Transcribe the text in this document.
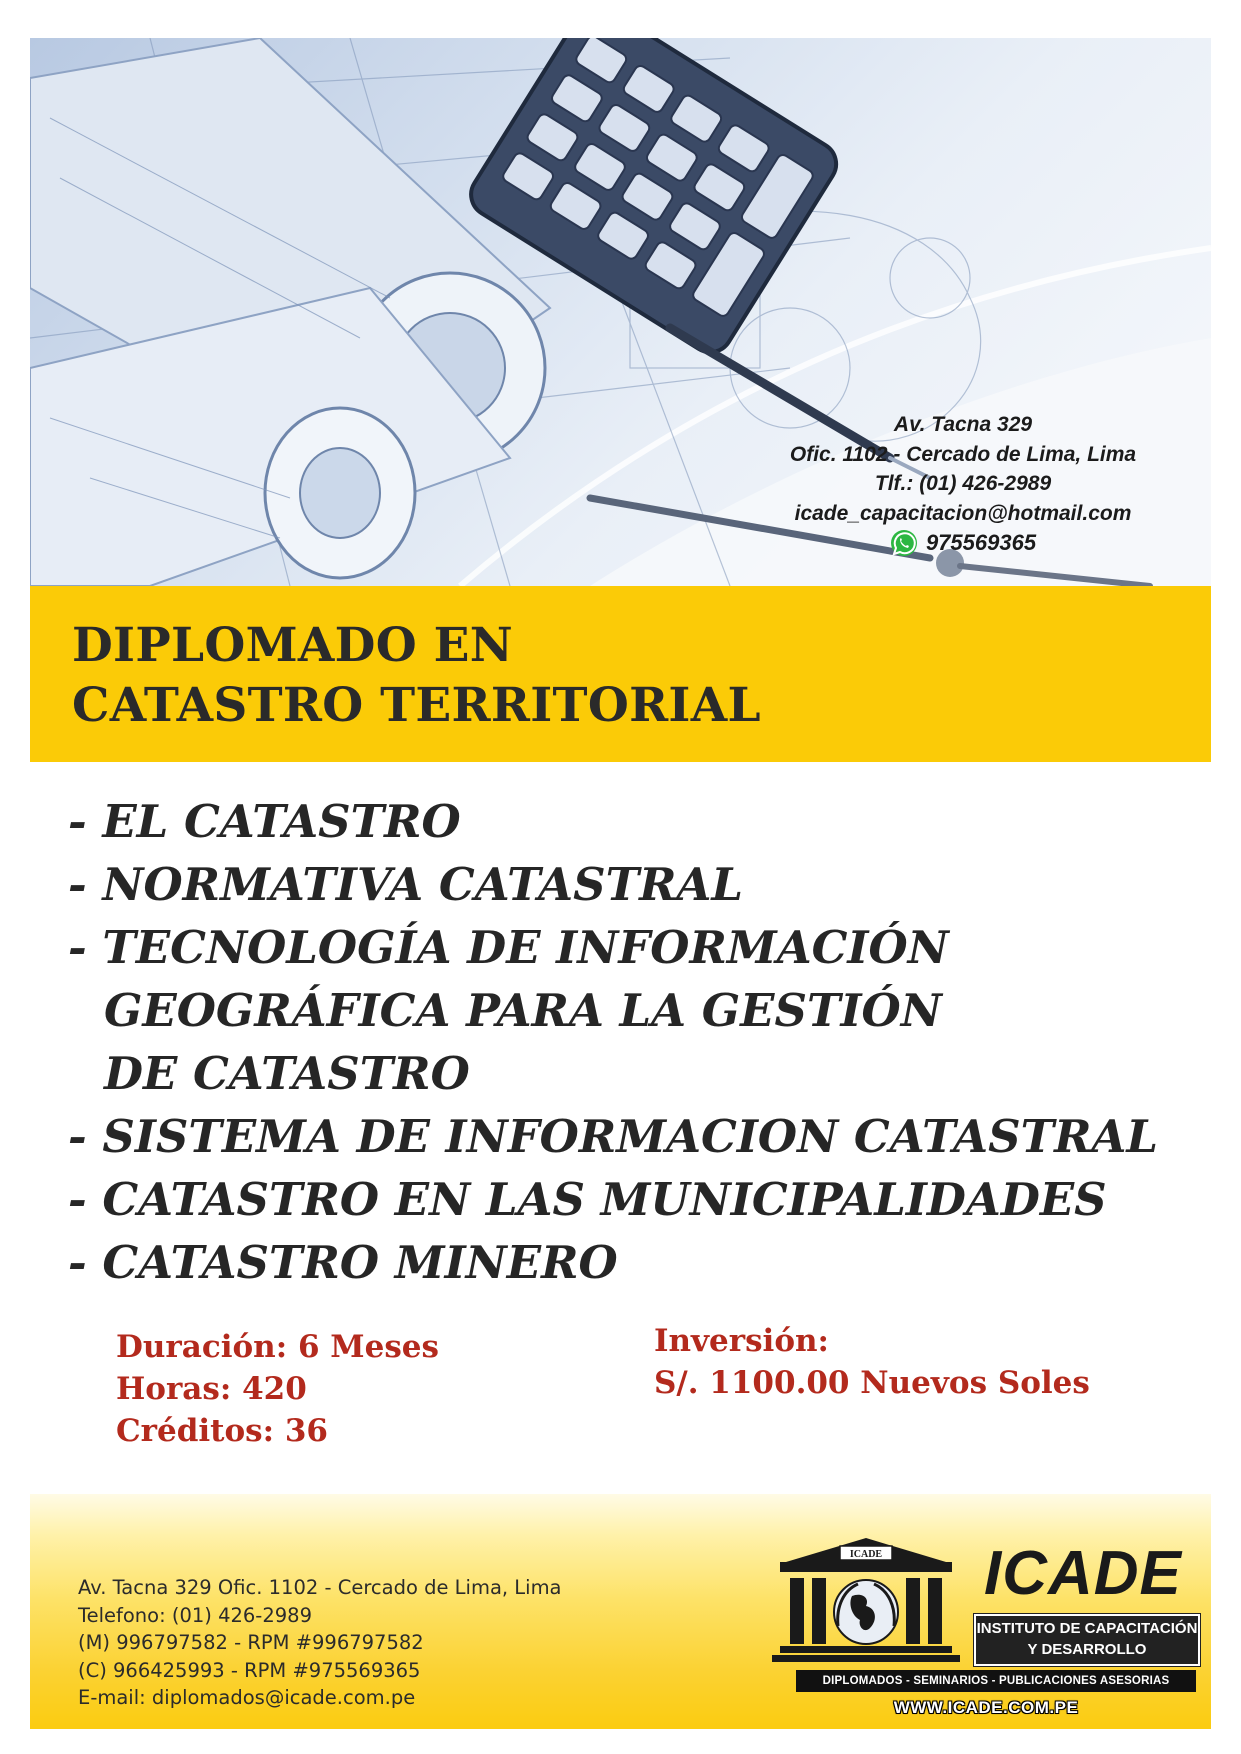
Av. Tacna 329
Ofic. 1102 - Cercado de Lima, Lima
Tlf.: (01) 426-2989
icade_capacitacion@hotmail.com
975569365
DIPLOMADO EN
CATASTRO TERRITORIAL
- EL CATASTRO
- NORMATIVA CATASTRAL
- TECNOLOGÍA DE INFORMACIÓN
GEOGRÁFICA PARA LA GESTIÓN
DE CATASTRO
- SISTEMA DE INFORMACION CATASTRAL
- CATASTRO EN LAS MUNICIPALIDADES
- CATASTRO MINERO
Duración: 6 Meses
Horas: 420
Créditos: 36
Inversión:
S/. 1100.00 Nuevos Soles
Av. Tacna 329 Ofic. 1102 - Cercado de Lima, Lima
Telefono: (01) 426-2989
(M) 996797582 - RPM #996797582
(C) 966425993 - RPM #975569365
E-mail: diplomados@icade.com.pe
ICADE ICADE
INSTITUTO DE CAPACITACIÓN
Y DESARROLLO
DIPLOMADOS - SEMINARIOS - PUBLICACIONES ASESORIAS
WWW.ICADE.COM.PE
